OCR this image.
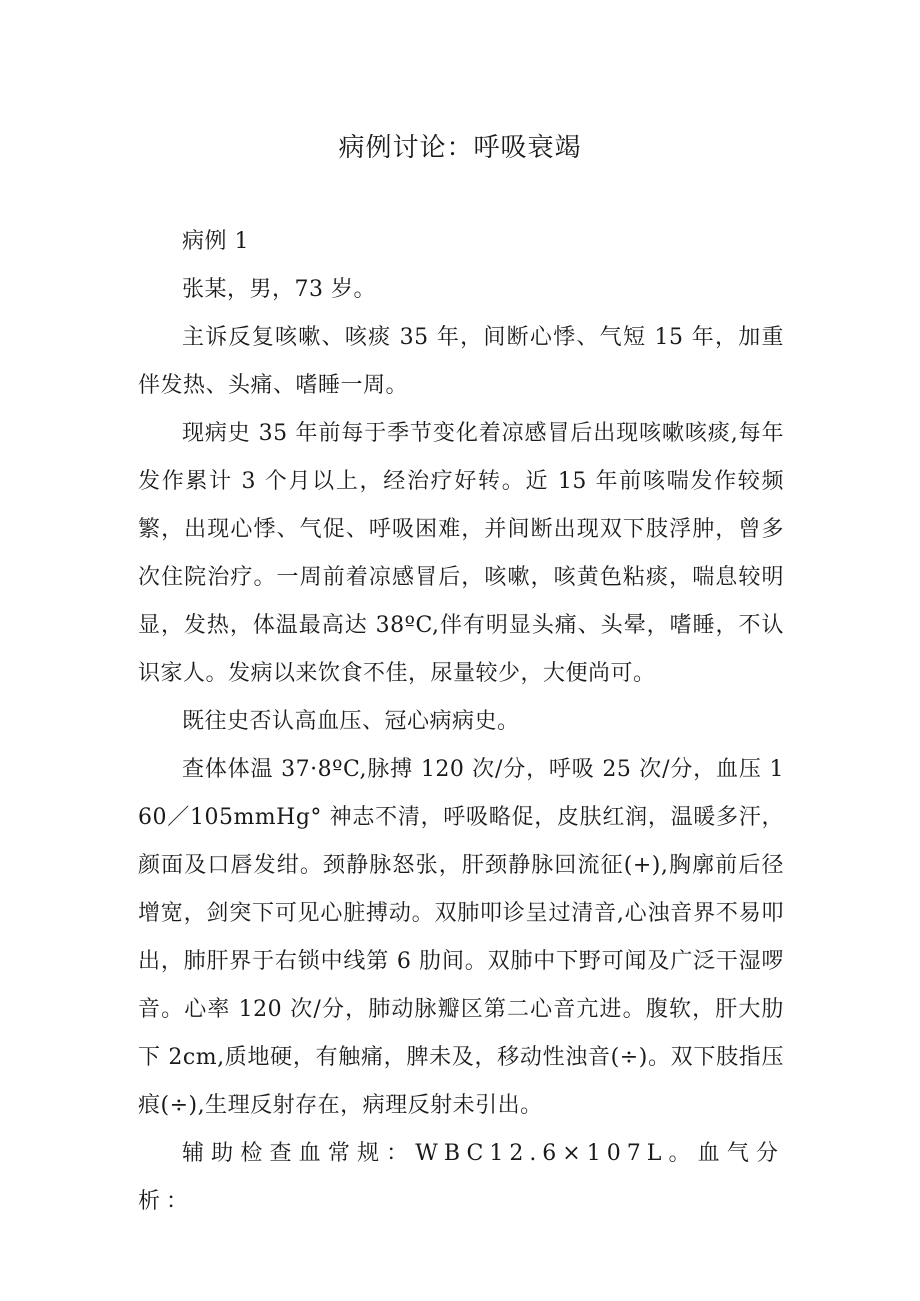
病例讨论：呼吸衰竭

病例 1

张某，男，73 岁。

主诉反复咳嗽、咳痰 35 年，间断心悸、气短 15 年，加重伴发热、头痛、嗜睡一周。

现病史 35 年前每于季节变化着凉感冒后出现咳嗽咳痰,每年发作累计 3 个月以上，经治疗好转。近 15 年前咳喘发作较频繁，出现心悸、气促、呼吸困难，并间断出现双下肢浮肿，曾多次住院治疗。一周前着凉感冒后，咳嗽，咳黄色粘痰，喘息较明显，发热，体温最高达 38ºC,伴有明显头痛、头晕，嗜睡，不认识家人。发病以来饮食不佳，尿量较少，大便尚可。

既往史否认高血压、冠心病病史。

查体体温 37·8ºC,脉搏 120 次/分，呼吸 25 次/分，血压 160／105mmHg° 神志不清，呼吸略促，皮肤红润，温暖多汗，颜面及口唇发绀。颈静脉怒张，肝颈静脉回流征(+),胸廓前后径增宽，剑突下可见心脏搏动。双肺叩诊呈过清音,心浊音界不易叩出，肺肝界于右锁中线第 6 肋间。双肺中下野可闻及广泛干湿啰音。心率 120 次/分，肺动脉瓣区第二心音亢进。腹软，肝大肋下 2cm,质地硬，有触痛，脾未及，移动性浊音(÷)。双下肢指压痕(÷),生理反射存在，病理反射未引出。

辅助检查血常规：WBC12.6×107L。血气分析：
